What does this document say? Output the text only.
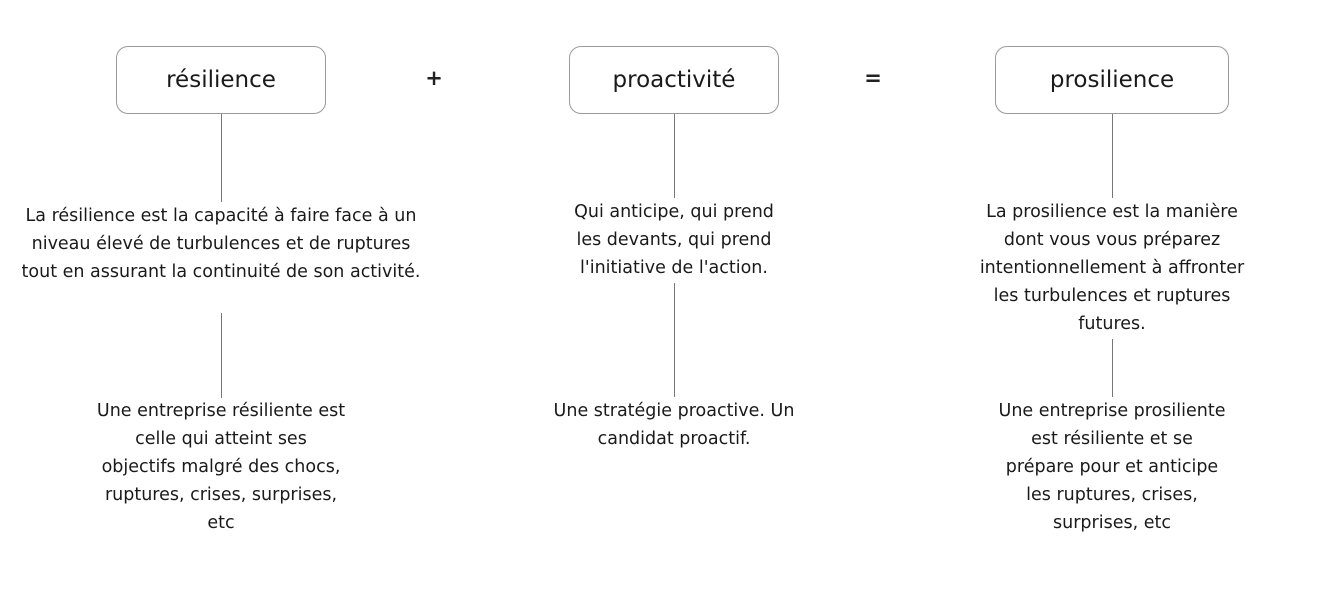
résilience
La résilience est la capacité à faire face à un niveau élevé de turbulences et de ruptures tout en assurant la continuité de son activité.
Une entreprise résiliente est celle qui atteint ses objectifs malgré des chocs, ruptures, crises, surprises, etc
+	proactivité
Qui anticipe, qui prend les devants, qui prend l'initiative de l'action.
Une stratégie proactive. Un candidat proactif.
=	prosilience
La prosilience est la manière dont vous vous préparez intentionnellement à affronter les turbulences et ruptures futures.
Une entreprise prosiliente est résiliente et se prépare pour et anticipe les ruptures, crises, surprises, etc
